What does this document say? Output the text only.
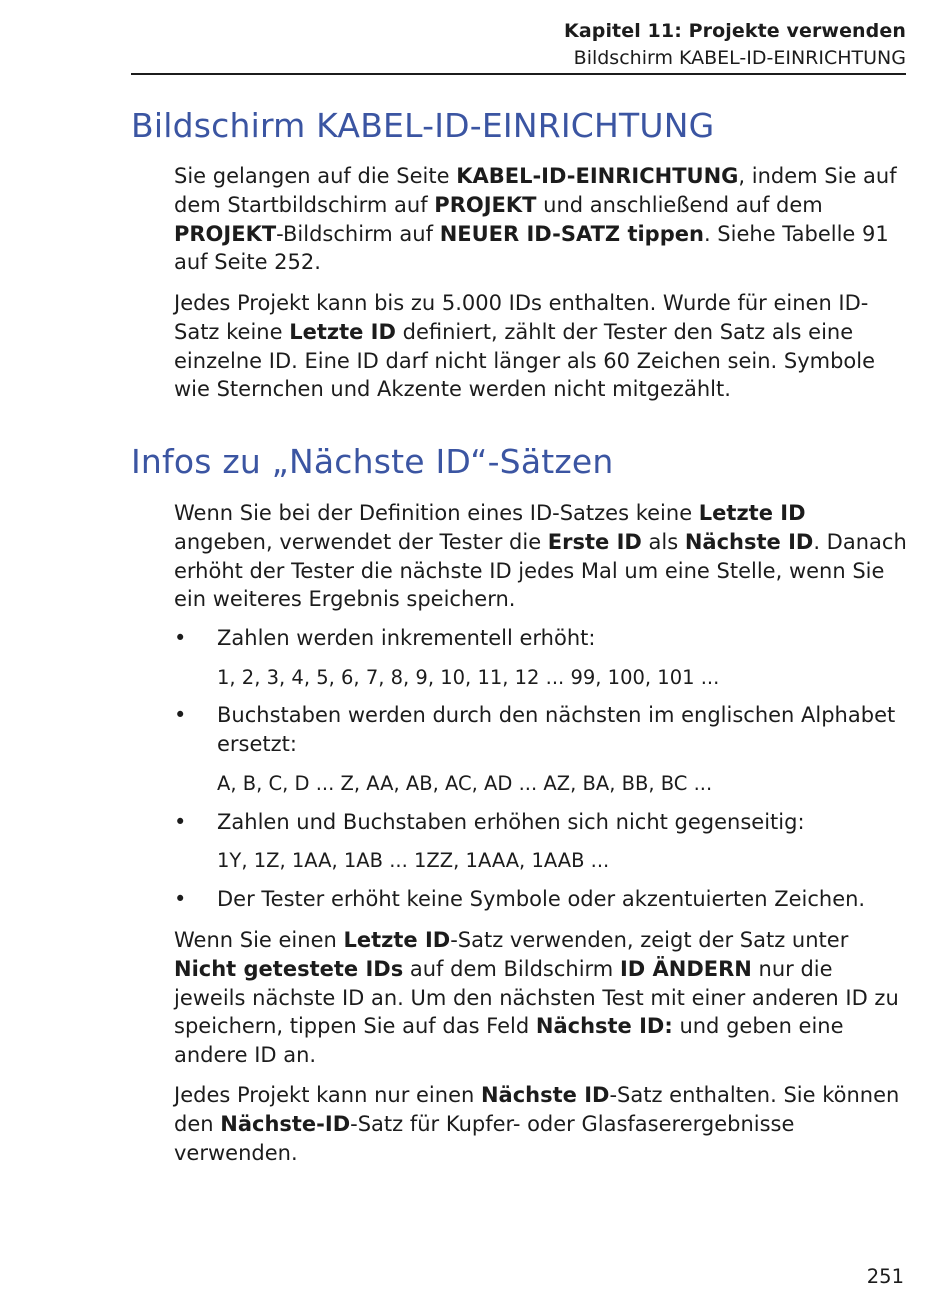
Kapitel 11: Projekte verwenden
Bildschirm KABEL-ID-EINRICHTUNG
Bildschirm KABEL-ID-EINRICHTUNG

Sie gelangen auf die Seite KABEL-ID-EINRICHTUNG, indem Sie auf dem Startbildschirm auf PROJEKT und anschließend auf dem PROJEKT-Bildschirm auf NEUER ID-SATZ tippen. Siehe Tabelle 91 auf Seite 252.

Jedes Projekt kann bis zu 5.000 IDs enthalten. Wurde für einen ID-Satz keine Letzte ID definiert, zählt der Tester den Satz als eine einzelne ID. Eine ID darf nicht länger als 60 Zeichen sein. Symbole wie Sternchen und Akzente werden nicht mitgezählt.

Infos zu „Nächste ID“-Sätzen

Wenn Sie bei der Definition eines ID-Satzes keine Letzte ID angeben, verwendet der Tester die Erste ID als Nächste ID. Danach erhöht der Tester die nächste ID jedes Mal um eine Stelle, wenn Sie ein weiteres Ergebnis speichern.

•	Zahlen werden inkrementell erhöht:
1, 2, 3, 4, 5, 6, 7, 8, 9, 10, 11, 12 ... 99, 100, 101 ...
•	Buchstaben werden durch den nächsten im englischen Alphabet ersetzt:
A, B, C, D ... Z, AA, AB, AC, AD ... AZ, BA, BB, BC ...
•	Zahlen und Buchstaben erhöhen sich nicht gegenseitig:
1Y, 1Z, 1AA, 1AB ... 1ZZ, 1AAA, 1AAB ...
•	Der Tester erhöht keine Symbole oder akzentuierten Zeichen.

Wenn Sie einen Letzte ID-Satz verwenden, zeigt der Satz unter Nicht getestete IDs auf dem Bildschirm ID ÄNDERN nur die jeweils nächste ID an. Um den nächsten Test mit einer anderen ID zu speichern, tippen Sie auf das Feld Nächste ID: und geben eine andere ID an.

Jedes Projekt kann nur einen Nächste ID-Satz enthalten. Sie können den Nächste-ID-Satz für Kupfer- oder Glasfaserergebnisse verwenden.

251
